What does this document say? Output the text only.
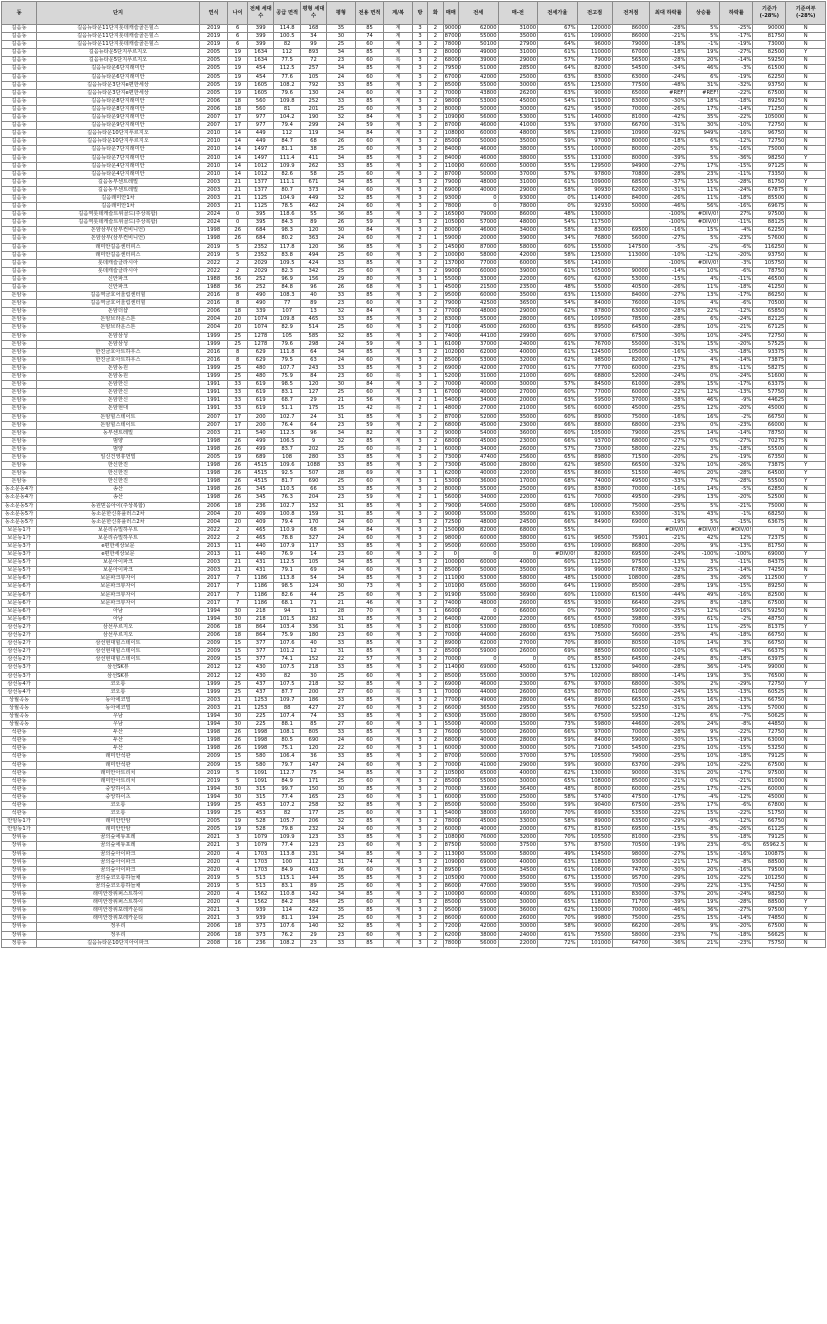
동	단지	연식	나이	전체 세대수	공급 면적	평형 세대수	평형	전용 면적	계/복	방	화	매매	전세	매-전	전세가율	전고점	전저점	최대 하락률	상승률	하락률	기준가 (-28%)	기준여부 (-28%)
길음동	길음뉴타운11단지롯데캐슬골든힐스	2019	6	399	114.8	168	35	85	계	3	2	90000	62000	31000	67%	120000	86000	-28%	5%	-25%	90000	N
길음동	길음뉴타운11단지롯데캐슬골든힐스	2019	6	399	100.5	34	30	74	계	3	2	87000	55000	35000	61%	109000	86000	-21%	5%	-17%	81750	N
길음동	길음뉴타운11단지롯데캐슬골든힐스	2019	6	399	82	99	25	60	계	3	2	78000	50100	27900	64%	96000	79000	-18%	-1%	-19%	73000	N
길음동	길음뉴타운5단지푸르지오	2005	19	1634	112	893	34	85	계	3	2	80000	49000	31000	61%	110000	67000	-18%	19%	-27%	82500	Y
길음동	길음뉴타운5단지푸르지오	2005	19	1634	77.5	72	23	60	복	3	2	68000	39000	29000	57%	79000	56500	-28%	20%	-14%	59250	N
길음동	길음뉴타운6단지래미안	2005	19	454	112.5	257	34	85	계	3	2	79500	51000	28500	64%	82000	54500	-34%	46%	-3%	61500	N
길음동	길음뉴타운6단지래미안	2005	19	454	77.6	105	24	60	계	3	2	67000	42000	25000	63%	83000	63000	-24%	6%	-19%	62250	N
길음동	길음뉴타운3단지e편한세상	2005	19	1605	108.2	792	33	85	계	3	2	85000	55000	30000	65%	125000	77500	-48%	31%	-32%	93750	N
길음동	길음뉴타운3단지e편한세상	2005	19	1605	79.6	130	24	60	계	3	2	70000	43800	26200	63%	90000	65000	#REF!	#REF!	-22%	67500	N
길음동	길음뉴타운8단지래미안	2006	18	560	109.8	252	33	85	계	3	2	98000	53000	45000	54%	119000	83000	-30%	18%	-18%	89250	N
길음동	길음뉴타운8단지래미안	2006	18	560	81	201	25	60	계	3	2	80000	50000	30000	62%	95000	70000	-26%	17%	-14%	71250	N
길음동	길음뉴타운9단지래미안	2007	17	977	104.2	190	32	84	계	3	2	109000	56000	53000	51%	140000	81000	-42%	35%	-22%	105000	N
길음동	길음뉴타운9단지래미안	2007	17	977	79.4	299	24	59	계	3	2	87000	46000	41000	53%	97000	66700	-31%	30%	-10%	72750	N
길음동	길음뉴타운10단지푸르지오	2010	14	449	112	119	34	84	계	3	2	108000	60000	48000	56%	129000	10900	-92%	949%	-16%	96750	N
길음동	길음뉴타운10단지푸르지오	2010	14	449	84.7	68	26	60	계	3	2	85000	50000	35000	59%	97000	80000	-18%	6%	-12%	72750	N
길음동	길음뉴타운7단지래미안	2010	14	1497	81.1	38	25	60	계	3	2	84000	46000	38000	55%	100000	80000	-20%	5%	-16%	75000	N
길음동	길음뉴타운7단지래미안	2010	14	1497	111.4	411	34	85	계	3	2	84000	46000	38000	55%	131000	80000	-39%	5%	-36%	98250	Y
길음동	길음뉴타운4단지래미안	2010	14	1012	109.9	262	33	85	계	3	2	110000	60000	50000	55%	129500	94900	-27%	17%	-15%	97125	N
길음동	길음뉴타운4단지래미안	2010	14	1012	82.6	58	25	60	계	3	2	87000	50000	37000	57%	97800	70800	-28%	23%	-11%	73350	N
길음동	길음동부센트레빌	2003	21	1377	111.1	671	34	85	계	3	2	79000	48000	31000	61%	109000	68500	-37%	15%	-28%	81750	Y
길음동	길음동부센트레빌	2003	21	1377	80.7	373	24	60	계	3	2	69000	40000	29000	58%	90930	62000	-31%	11%	-24%	67875	N
길음동	길음래미안1차	2003	21	1125	104.9	449	32	85	계	3	2	93000	0	93000	0%	114000	84000	-26%	11%	-18%	85500	N
길음동	길음래미안1차	2003	21	1125	78.5	462	24	60	계	3	2	78000	0	78000	0%	92930	50000	-46%	56%	-16%	69675	N
길음동	길음역롯데캐슬트위골드(주상복합)	2024	0	395	118.6	55	36	85	계	3	2	165000	79000	86000	48%	130000		-100%	#DIV/0!	27%	97500	N
길음동	길음역롯데캐슬트위골드(주상복합)	2024	0	395	84.3	89	26	59	계	3	2	105000	57000	48000	54%	117500		-100%	#DIV/0!	-11%	88125	N
길음동	돈암삼부(삼부컨비니언)	1998	26	684	98.3	120	30	84	계	3	2	80000	46000	34000	58%	83000	69500	-16%	15%	-4%	62250	N
길음동	돈암삼부(삼부컨비니언)	1998	26	684	80.2	363	24	60	계	2	1	59000	20000	39000	34%	76800	56000	-27%	5%	-23%	57600	N
길음동	래미안길음센터피스	2019	5	2352	117.8	120	36	85	계	3	2	145000	87000	58000	60%	155000	147500	-5%	-2%	-6%	116250	N
길음동	래미안길음센터피스	2019	5	2352	83.8	494	25	60	계	3	2	100000	58000	42000	58%	125000	113000	-10%	-12%	-20%	93750	N
길음동	롯데캐슬클라시아	2022	2	2029	109.5	424	33	85	계	3	2	137000	77000	60000	56%	141000		-100%	#DIV/0!	-3%	105750	N
길음동	롯데캐슬클라시아	2022	2	2029	82.3	342	25	60	계	3	2	99000	60000	39000	61%	105000	90000	-14%	10%	-6%	78750	N
길음동	신안파크	1988	36	252	96.9	156	29	80	계	3	1	55000	33000	22000	60%	62000	53000	-15%	4%	-11%	46500	N
길음동	신안파크	1988	36	252	84.8	96	26	68	계	3	1	45000	21500	23500	48%	55000	40500	-26%	11%	-18%	41250	N
돈암동	길음역금호어울림센터힐	2016	8	490	108.3	40	33	85	계	3	2	95000	60000	35000	63%	115000	84000	-27%	13%	-17%	86250	N
돈암동	길음역금호어울림센터힐	2016	8	490	77	89	23	60	계	3	2	79000	42500	36500	54%	84000	76000	-10%	4%	-6%	70500	N
돈암동	돈암더샵	2006	18	339	107	13	32	84	계	3	2	77000	48000	29000	62%	87800	63000	-28%	22%	-12%	65850	N
돈암동	돈암브라운스톤	2004	20	1074	109.8	465	33	85	계	3	2	83000	55000	28000	66%	109500	78500	-28%	6%	-24%	82125	N
돈암동	돈암브라운스톤	2004	20	1074	82.9	514	25	60	계	3	2	71000	45000	26000	63%	89500	64500	-28%	10%	-21%	67125	N
돈암동	돈암삼성	1999	25	1278	105	585	32	85	계	3	2	74000	44100	29900	60%	97000	67500	-30%	10%	-24%	72750	N
돈암동	돈암삼성	1999	25	1278	79.6	298	24	59	계	3	1	61000	37000	24000	61%	76700	55000	-31%	15%	-20%	57525	N
돈암동	한진금호아트하우스	2016	8	629	111.8	64	34	85	계	3	2	102000	62000	40000	61%	124500	105000	-16%	-3%	-18%	93375	N
돈암동	한진금호아트하우스	2016	8	629	79.5	63	24	60	계	3	2	85000	53000	32000	62%	98500	82000	-17%	4%	-14%	73875	N
돈암동	돈암동원	1999	25	480	107.7	243	33	85	계	3	2	69000	42000	27000	61%	77700	60000	-23%	8%	-11%	58275	N
돈암동	돈암동원	1999	25	480	75.9	84	23	60	복	3	1	52000	31000	21000	60%	68800	52000	-24%	0%	-24%	51600	N
돈암동	돈암한신	1991	33	619	98.5	120	30	84	계	3	2	70000	40000	30000	57%	84500	61000	-28%	15%	-17%	63375	N
돈암동	돈암한신	1991	33	619	83.1	127	25	60	계	3	1	67000	40000	27000	60%	77000	60000	-22%	12%	-13%	57750	N
돈암동	돈암한신	1991	33	619	68.7	29	21	56	계	2	1	54000	34000	20000	63%	59500	37000	-38%	46%	-9%	44625	N
돈암동	돈암현대	1991	33	619	51.1	175	15	42	복	2	1	48000	27000	21000	56%	60000	45000	-25%	12%	-20%	45000	N
돈암동	돈암힐스테이트	2007	17	200	102.7	24	31	85	계	3	2	87000	52000	35000	60%	89000	75000	-16%	16%	-2%	66750	N
돈암동	돈암힐스테이트	2007	17	200	76.4	64	23	59	계	2	2	68000	45000	23000	66%	88000	68000	-23%	0%	-23%	66000	N
돈암동	동부센트레빌	2003	21	540	112.5	96	34	82	계	3	2	90000	54000	36000	60%	105000	79000	-25%	14%	-14%	78750	N
돈암동	범양	1998	26	499	106.5	9	32	85	계	3	2	68000	45000	23000	66%	93700	68000	-27%	0%	-27%	70275	N
돈암동	범양	1998	26	499	83.7	202	25	60	복	2	1	60000	34000	26000	57%	73000	58000	-22%	3%	-18%	55500	N
돈암동	일신건영휴먼빌	2005	19	689	108	280	33	85	계	3	2	73000	47400	25600	65%	89800	71500	-20%	2%	-19%	67350	N
돈암동	한신한진	1998	26	4515	109.6	1088	33	85	계	3	2	73000	45000	28000	62%	98500	66500	-32%	10%	-26%	73875	Y
돈암동	한신한진	1998	26	4515	92.5	507	28	69	계	3	1	62000	40000	22000	65%	86000	51500	-40%	20%	-28%	64500	Y
돈암동	한신한진	1998	26	4515	81.7	690	25	60	계	3	1	53000	36000	17000	68%	74000	49500	-33%	7%	-28%	55500	Y
동소문동4가	송산	1998	26	345	110.5	66	33	85	계	3	2	80000	55000	25000	69%	83800	70000	-16%	14%	-5%	62850	N
동소문동4가	송산	1998	26	345	76.3	204	23	59	계	2	1	56000	34000	22000	61%	70000	49500	-29%	13%	-20%	52500	N
동소문동5가	동원믿음아이(주상복합)	2006	18	236	102.7	152	31	85	계	3	2	79000	54000	25000	68%	100000	75000	-25%	5%	-21%	75000	N
동소문동5가	동소문한신휴플러스2차	2004	20	409	100.8	159	31	85	계	3	2	90000	55000	35000	61%	91000	63000	-31%	43%	-1%	68250	N
동소문동5가	동소문한신휴플러스2차	2004	20	409	79.4	170	24	60	계	3	2	72500	48000	24500	66%	84900	69000	-19%	5%	-15%	63675	N
보문동1가	보문리슈빌하우트	2022	2	465	110.9	68	34	84	계	3	2	150000	82000	68000	55%			#DIV/0!	#DIV/0!	#DIV/0!	0	N
보문동1가	보문리슈빌하우트	2022	2	465	78.8	327	24	60	계	3	2	98000	60000	38000	61%	96500	75901	-21%	42%	12%	72375	N
보문동3가	e편한세상보문	2013	11	440	107.9	117	33	85	계	3	2	95000	60000	35000	63%	109000	86800	-20%	9%	-13%	81750	N
보문동3가	e편한세상보문	2013	11	440	76.9	14	23	60	계	3	2	0	0	0	#DIV/0!	82000	69500	-24%	-100%	-100%	69000	Y
보문동5가	보문아이파크	2003	21	431	112.5	105	34	85	계	3	2	100000	60000	40000	60%	112500	97500	-13%	3%	-11%	84375	N
보문동5가	보문아이파크	2003	21	431	79.1	69	24	60	계	3	2	85000	50000	35000	59%	99000	67800	-32%	25%	-14%	74250	N
보문동6가	보문파크뷰자이	2017	7	1186	113.8	54	34	85	계	3	2	111000	53000	58000	48%	150000	108000	-28%	3%	-26%	112500	Y
보문동6가	보문파크뷰자이	2017	7	1186	98.5	124	30	73	계	3	2	101000	65000	36000	64%	119000	85000	-28%	19%	-15%	89250	N
보문동6가	보문파크뷰자이	2017	7	1186	82.6	44	25	60	계	3	2	91900	55000	36900	60%	110000	61500	-44%	49%	-16%	82500	N
보문동6가	보문파크뷰자이	2017	7	1186	68.1	71	21	46	계	3	2	74000	48000	26000	65%	93000	66400	-29%	8%	-18%	67500	N
보문동6가	아남	1994	30	218	94	31	28	70	계	3	1	66000	0	66000	0%	79000	59000	-25%	12%	-16%	59250	N
보문동6가	아남	1994	30	218	101.5	182	31	85	계	3	2	64000	42000	22000	66%	65000	39800	-39%	61%	-2%	48750	N
삼선동2가	삼선푸르지오	2006	18	864	103.4	336	31	85	계	3	2	81000	53000	28000	65%	108500	70000	-35%	11%	-25%	81375	Y
삼선동2가	삼선푸르지오	2006	18	864	75.9	180	23	60	계	3	2	70000	44000	26000	63%	75000	56000	-25%	4%	-18%	66750	N
삼선동2가	삼선현대힐스테이트	2009	15	377	107.6	40	33	85	계	3	2	89000	62000	27000	70%	89000	80500	-10%	14%	3%	66750	N
삼선동2가	삼선현대힐스테이트	2009	15	377	101.2	12	31	85	계	3	2	85000	59000	26000	69%	88500	60000	-10%	6%	-4%	66375	N
삼선동2가	삼선현대힐스테이트	2009	15	377	74.1	152	22	57	계	3	2	70000	0	0	0%	85300	64500	-24%	8%	-18%	63975	N
삼선동3가	삼선SK뷰	2012	12	430	107.5	218	33	85	계	3	2	114000	69000	45000	61%	132000	94000	-28%	36%	-14%	99000	N
삼선동3가	삼선SK뷰	2012	12	430	82	30	25	60	계	3	2	85000	55000	30000	57%	102000	88000	-14%	19%	3%	76500	N
삼선동4가	코오롱	1999	25	437	107.5	218	32	85	계	3	2	69000	46000	23000	67%	97000	68000	-30%	2%	-29%	72750	Y
삼선동4가	코오롱	1999	25	437	87.7	200	27	60	복	3	1	70000	44000	26000	63%	80700	61000	-24%	15%	-13%	60525	N
상월곡동	동아에코빌	2003	21	1253	109.7	186	33	85	계	3	2	77000	49000	28000	64%	89000	66500	-25%	16%	-13%	66750	N
상월곡동	동아에코빌	2003	21	1253	88	427	27	60	계	3	2	66000	36500	29500	55%	76000	52250	-31%	26%	-13%	57000	N
상월곡동	우남	1994	30	225	107.4	74	33	85	계	3	2	63000	35000	28000	56%	67500	59500	-12%	6%	-7%	50625	N
상월곡동	우남	1994	30	225	88.1	85	27	60	계	3	1	55000	40000	15000	73%	59800	44600	-26%	24%	-8%	44850	N
석관동	두산	1998	26	1998	108.1	805	33	85	계	3	2	76000	50000	26000	66%	97000	70000	-28%	9%	-22%	72750	N
석관동	두산	1998	26	1998	80.5	690	24	60	계	3	2	68000	40000	28000	59%	84000	59000	-30%	15%	-19%	63000	N
석관동	두산	1998	26	1998	75.1	120	22	60	계	3	1	60000	30000	30000	50%	71000	54500	-23%	10%	-15%	53250	N
석관동	래미안석관	2009	15	580	106.4	36	33	85	계	3	2	87000	50000	37000	57%	105500	79000	-25%	10%	-18%	79125	N
석관동	래미안석관	2009	15	580	79.7	147	24	60	계	3	2	70000	41000	29000	59%	90000	63700	-29%	10%	-22%	67500	N
석관동	래미안아트리치	2019	5	1091	112.7	75	34	85	계	3	2	105000	65000	40000	62%	130000	90000	-31%	20%	-17%	97500	N
석관동	래미안아트리치	2019	5	1091	84.9	171	25	60	계	3	2	85000	55000	30000	65%	108000	85000	-21%	0%	-21%	81000	N
석관동	중앙하이츠	1994	30	315	99.7	150	30	85	계	3	2	70000	33600	36400	48%	80000	60000	-25%	17%	-12%	60000	N
석관동	중앙하이츠	1994	30	315	77.4	165	23	60	계	3	1	60000	35000	25000	58%	57400	47500	-17%	-4%	-12%	45000	N
석관동	코오롱	1999	25	453	107.2	258	32	85	계	3	2	85000	50000	35000	59%	90400	67500	-25%	17%	-6%	67800	N
석관동	코오롱	1999	25	453	82	177	25	60	계	3	1	54000	38000	16000	70%	69000	53500	-22%	15%	-22%	51750	N
안암동1가	래미안안암	2005	19	528	105.7	206	32	85	계	3	2	78000	45000	33000	58%	89000	63500	-29%	-9%	-12%	66750	N
안암동1가	래미안안암	2005	19	528	79.8	232	24	60	계	3	2	60000	40000	20000	67%	81500	69500	-15%	-8%	-26%	61125	N
장위동	꿈의숲에듀포레	2021	3	1079	109.9	123	33	85	계	3	2	108000	76000	32000	70%	105500	81000	-23%	5%	-18%	79125	N
장위동	꿈의숲에듀포레	2021	3	1079	77.4	123	23	60	계	3	2	87500	50000	37500	57%	87500	70500	-19%	23%	-6%	65962.5	N
장위동	꿈의숲아이파크	2020	4	1703	113.8	231	34	85	계	3	2	113000	55000	58000	49%	134500	98000	-27%	15%	-16%	100875	N
장위동	꿈의숲아이파크	2020	4	1703	100	112	31	74	계	3	2	109000	69000	40000	63%	118000	93000	-21%	17%	-8%	88500	N
장위동	꿈의숲아이파크	2020	4	1703	84.9	403	26	60	계	3	2	89500	55000	34500	61%	106000	74700	-30%	20%	-16%	79500	N
장위동	꿈의숲코오롱하늘채	2019	5	513	115.1	144	35	85	계	3	2	105000	70000	35000	67%	135000	95700	-29%	10%	-22%	101250	N
장위동	꿈의숲코오롱하늘채	2019	5	513	83.1	89	25	60	계	3	2	86000	47000	39000	55%	99000	70500	-29%	22%	-13%	74250	N
장위동	래미안장위퍼스트하이	2020	4	1562	110.8	142	34	85	계	3	2	100000	60000	40000	60%	131000	83000	-37%	20%	-24%	98250	N
장위동	래미안장위퍼스트하이	2020	4	1562	84.2	384	25	60	계	3	2	85000	55000	30000	65%	118000	71700	-39%	19%	-28%	88500	Y
장위동	래미안장위포레카운티	2021	3	939	114	422	35	85	계	3	2	95000	59000	36000	62%	130000	70000	-46%	36%	-27%	97500	Y
장위동	래미안장위포레카운티	2021	3	939	81.1	194	25	60	계	3	2	86000	60000	26000	70%	99800	75000	-25%	15%	-14%	74850	N
장위동	정우리	2006	18	373	107.6	140	32	85	계	3	2	72000	42000	30000	58%	90000	66200	-26%	9%	-20%	67500	N
장위동	정우리	2006	18	373	76.2	29	23	60	계	3	2	62000	38000	24000	61%	75500	58000	-23%	7%	-18%	56625	N
정릉동	길음뉴타운10단지아이파크	2008	16	236	108.2	23	33	85	계	3	2	78000	56000	22000	72%	101000	64700	-36%	21%	-23%	75750	N
